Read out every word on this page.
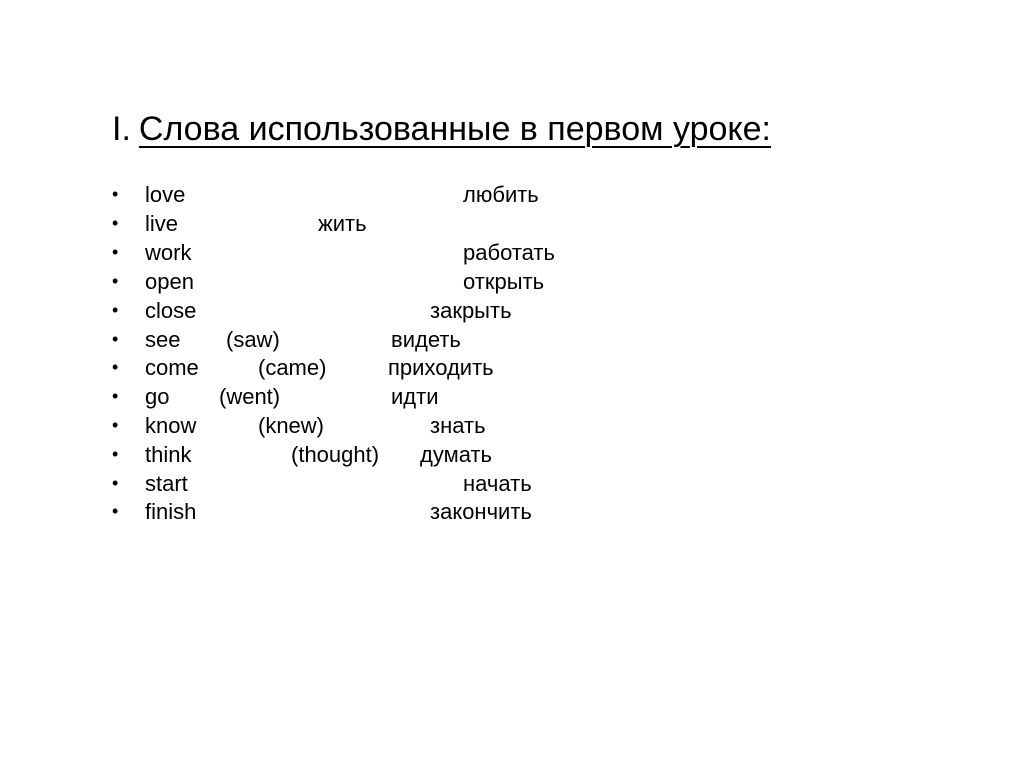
I. Слова использованные в первом уроке:
• love	любить
• live	жить
• work	работать
• open	открыть
• close	закрыть
• see (saw)	видеть
• come	(came)	приходить
• go (went)	идти
• know	(knew)	знать
• think	(thought) думать
• start	начать
• finish	закончить
